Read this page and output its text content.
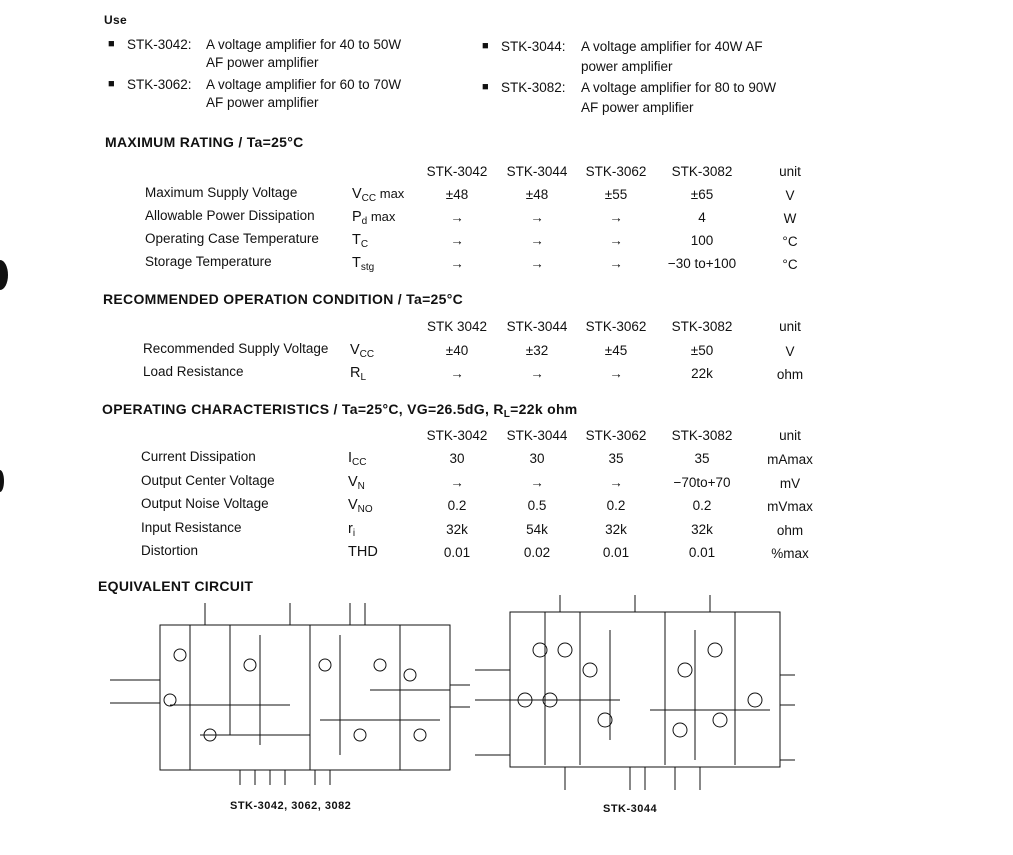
Use
■ STK-3042: A voltage amplifier for 40 to 50W
AF power amplifier
■ STK-3062: A voltage amplifier for 60 to 70W
AF power amplifier
■ STK-3044: A voltage amplifier for 40W AF
power amplifier
■ STK-3082: A voltage amplifier for 80 to 90W
AF power amplifier
MAXIMUM RATING / Ta=25°C
STK-3042	STK-3044	STK-3062	STK-3082	unit
Maximum Supply Voltage	$V_{CC}$ max	±48	±48	±55	±65	V
Allowable Power Dissipation	$P_d$ max	→	→	→	4	W
Operating Case Temperature $T_C$	→	→	→	100	°C
Storage Temperature	$T_{stg}$	→	→	→	−30 to+100	°C
RECOMMENDED OPERATION CONDITION / Ta=25°C
STK 3042	STK-3044	STK-3062	STK-3082	unit
Recommended Supply Voltage $V_{CC}$	±40	±32	±45	±50	V
Load Resistance	$R_L$	→	→	→	22k	ohm
OPERATING CHARACTERISTICS / Ta=25°C, VG=26.5dG, $R_L=22k$ ohm
STK-3042	STK-3044	STK-3062	STK-3082	unit
Current Dissipation	$I_{CC}$	30	30	35	35	mAmax
Output Center Voltage	$V_N$	→	→	→	−70to+70	mV
Output Noise Voltage	$V_{NO}$	0.2	0.5	0.2	0.2	mVmax
Input Resistance	$r_i$	32k	54k	32k	32k	ohm
Distortion	THD	0.01	0.02	0.01	0.01	%max
EQUIVALENT CIRCUIT
STK-3042, 3062, 3082	STK-3044
